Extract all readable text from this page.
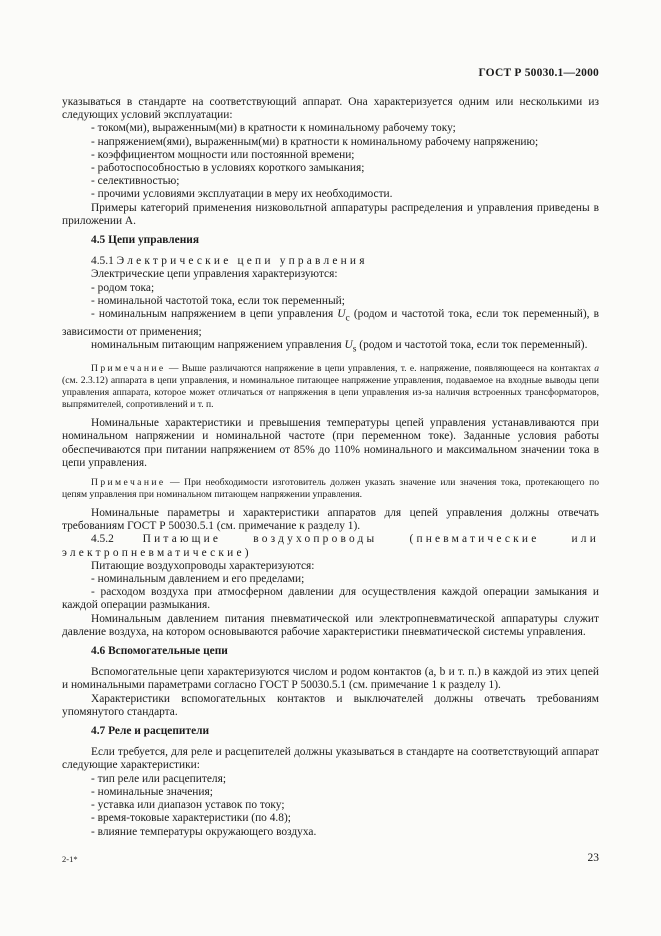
ГОСТ Р 50030.1—2000

указываться в стандарте на соответствующий аппарат. Она характеризуется одним или несколькими из следующих условий эксплуатации:

- током(ми), выраженным(ми) в кратности к номинальному рабочему току;

- напряжением(ями), выраженным(ми) в кратности к номинальному рабочему напряжению;

- коэффициентом мощности или постоянной времени;

- работоспособностью в условиях короткого замыкания;

- селективностью;

- прочими условиями эксплуатации в меру их необходимости.

Примеры категорий применения низковольтной аппаратуры распределения и управления приведены в приложении А.

4.5 Цепи управления

4.5.1 Электрические цепи управления

Электрические цепи управления характеризуются:

- родом тока;

- номинальной частотой тока, если ток переменный;

- номинальным напряжением в цепи управления $U_c$ (родом и частотой тока, если ток переменный), в зависимости от применения;

номинальным питающим напряжением управления $U_s$ (родом и частотой тока, если ток переменный).

Примечание — Выше различаются напряжение в цепи управления, т. е. напряжение, появляющееся на контактах a (см. 2.3.12) аппарата в цепи управления, и номинальное питающее напряжение управления, подаваемое на входные выводы цепи управления аппарата, которое может отличаться от напряжения в цепи управления из-за наличия встроенных трансформаторов, выпрямителей, сопротивлений и т. п.

Номинальные характеристики и превышения температуры цепей управления устанавливаются при номинальном напряжении и номинальной частоте (при переменном токе). Заданные условия работы обеспечиваются при питании напряжением от 85% до 110% номинального и максимальном значении тока в цепи управления.

Примечание — При необходимости изготовитель должен указать значение или значения тока, протекающего по цепям управления при номинальном питающем напряжении управления.

Номинальные параметры и характеристики аппаратов для цепей управления должны отвечать требованиям ГОСТ Р 50030.5.1 (см. примечание к разделу 1).

4.5.2	Питающие воздухопроводы (пневматические или электропневматические)

Питающие воздухопроводы характеризуются:

- номинальным давлением и его пределами;

- расходом воздуха при атмосферном давлении для осуществления каждой операции замыкания и каждой операции размыкания.

Номинальным давлением питания пневматической или электропневматической аппаратуры служит давление воздуха, на котором основываются рабочие характеристики пневматической системы управления.

4.6 Вспомогательные цепи

Вспомогательные цепи характеризуются числом и родом контактов (а, b и т. п.) в каждой из этих цепей и номинальными параметрами согласно ГОСТ Р 50030.5.1 (см. примечание 1 к разделу 1).

Характеристики вспомогательных контактов и выключателей должны отвечать требованиям упомянутого стандарта.

4.7 Реле и расцепители

Если требуется, для реле и расцепителей должны указываться в стандарте на соответствующий аппарат следующие характеристики:

- тип реле или расцепителя;

- номинальные значения;

- уставка или диапазон уставок по току;

- время-токовые характеристики (по 4.8);

- влияние температуры окружающего воздуха.

2-1*	23
